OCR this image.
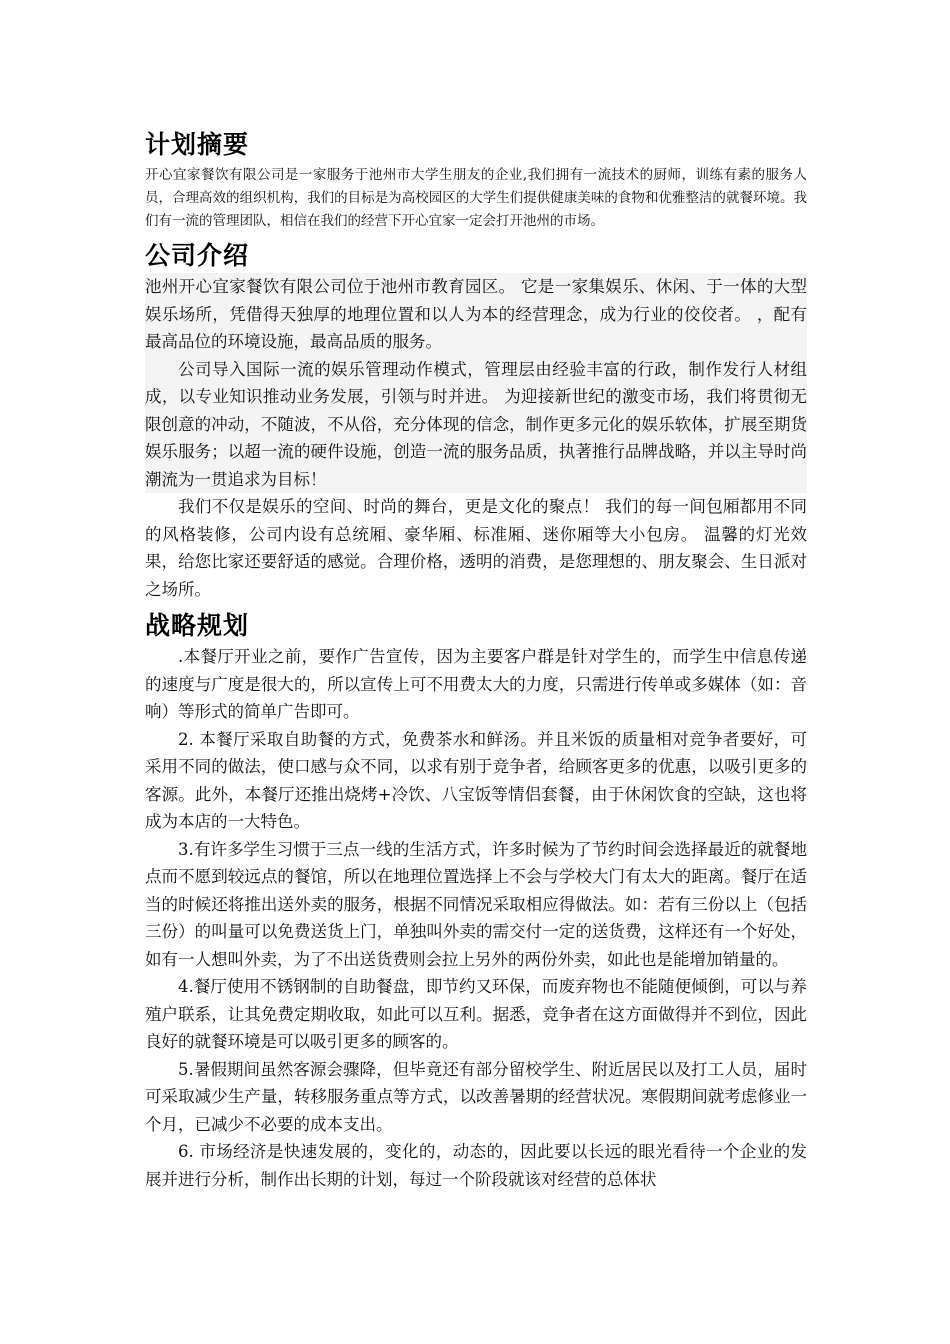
计划摘要

开心宜家餐饮有限公司是一家服务于池州市大学生朋友的企业,我们拥有一流技术的厨师，训练有素的服务人员，合理高效的组织机构，我们的目标是为高校园区的大学生们提供健康美味的食物和优雅整洁的就餐环境。我们有一流的管理团队，相信在我们的经营下开心宜家一定会打开池州的市场。

公司介绍

池州开心宜家餐饮有限公司位于池州市教育园区。 它是一家集娱乐、休闲、于一体的大型娱乐场所，凭借得天独厚的地理位置和以人为本的经营理念，成为行业的佼佼者。 ，配有最高品位的环境设施，最高品质的服务。

公司导入国际一流的娱乐管理动作模式，管理层由经验丰富的行政，制作发行人材组成，以专业知识推动业务发展，引领与时并进。 为迎接新世纪的激变市场，我们将贯彻无限创意的冲动，不随波，不从俗，充分体现的信念，制作更多元化的娱乐软体，扩展至期货娱乐服务；以超一流的硬件设施，创造一流的服务品质，执著推行品牌战略，并以主导时尚潮流为一贯追求为目标！

我们不仅是娱乐的空间、时尚的舞台，更是文化的聚点！ 我们的每一间包厢都用不同的风格装修，公司内设有总统厢、豪华厢、标准厢、迷你厢等大小包房。 温馨的灯光效果，给您比家还要舒适的感觉。合理价格，透明的消费，是您理想的、朋友聚会、生日派对之场所。

战略规划

.本餐厅开业之前，要作广告宣传，因为主要客户群是针对学生的，而学生中信息传递的速度与广度是很大的，所以宣传上可不用费太大的力度，只需进行传单或多媒体（如：音响）等形式的简单广告即可。

2. 本餐厅采取自助餐的方式，免费茶水和鲜汤。并且米饭的质量相对竞争者要好，可采用不同的做法，使口感与众不同，以求有别于竞争者，给顾客更多的优惠，以吸引更多的客源。此外，本餐厅还推出烧烤+冷饮、八宝饭等情侣套餐，由于休闲饮食的空缺，这也将成为本店的一大特色。

3.有许多学生习惯于三点一线的生活方式，许多时候为了节约时间会选择最近的就餐地点而不愿到较远点的餐馆，所以在地理位置选择上不会与学校大门有太大的距离。餐厅在适当的时候还将推出送外卖的服务，根据不同情况采取相应得做法。如：若有三份以上（包括三份）的叫量可以免费送货上门，单独叫外卖的需交付一定的送货费，这样还有一个好处，如有一人想叫外卖，为了不出送货费则会拉上另外的两份外卖，如此也是能增加销量的。

4.餐厅使用不锈钢制的自助餐盘，即节约又环保，而废弃物也不能随便倾倒，可以与养殖户联系，让其免费定期收取，如此可以互利。据悉，竞争者在这方面做得并不到位，因此良好的就餐环境是可以吸引更多的顾客的。

5.暑假期间虽然客源会骤降，但毕竟还有部分留校学生、附近居民以及打工人员，届时可采取减少生产量，转移服务重点等方式，以改善暑期的经营状况。寒假期间就考虑修业一个月，已减少不必要的成本支出。

6. 市场经济是快速发展的，变化的，动态的，因此要以长远的眼光看待一个企业的发展并进行分析，制作出长期的计划，每过一个阶段就该对经营的总体状
